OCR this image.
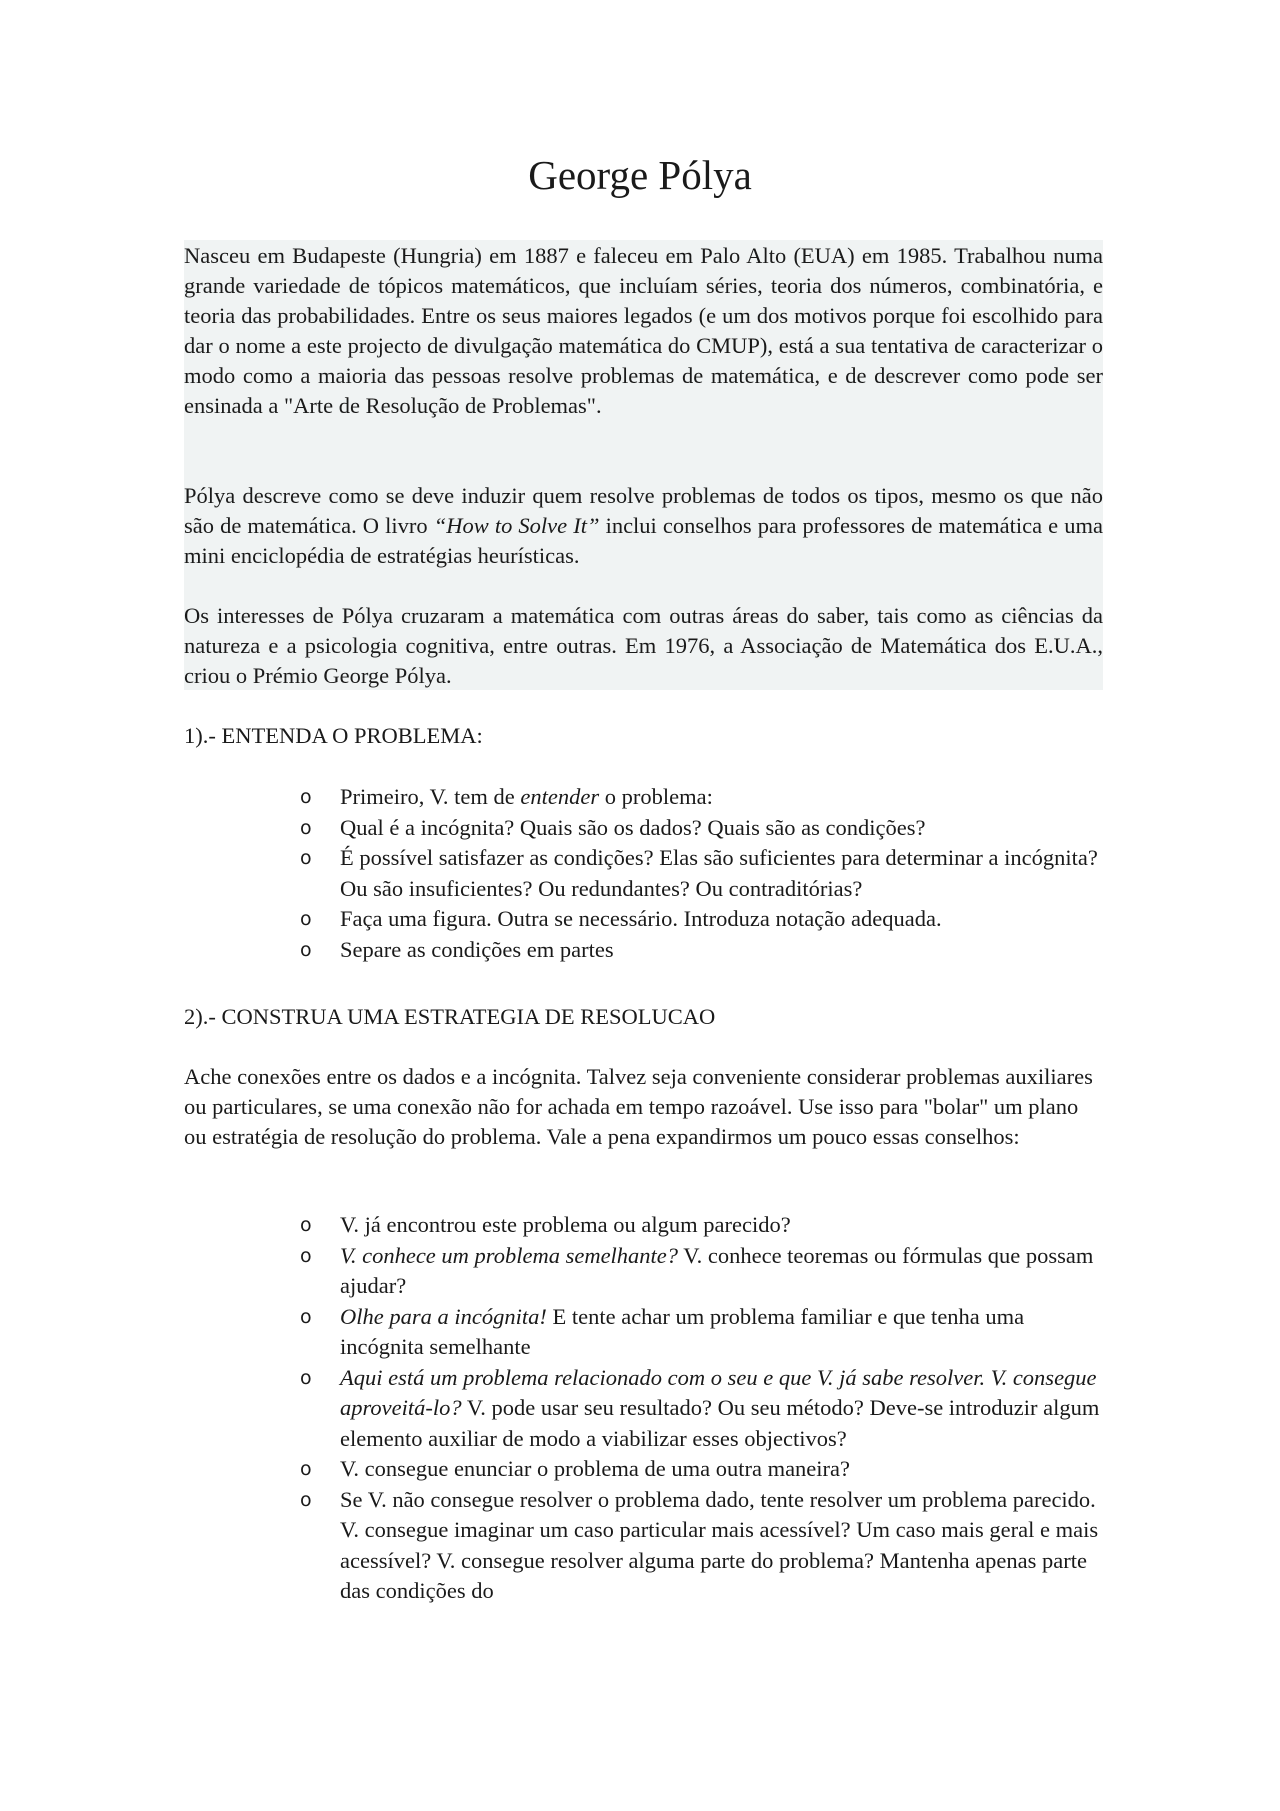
George Pólya

Nasceu em Budapeste (Hungria) em 1887 e faleceu em Palo Alto (EUA) em 1985. Trabalhou numa grande variedade de tópicos matemáticos, que incluíam séries, teoria dos números, combinatória, e teoria das probabilidades. Entre os seus maiores legados (e um dos motivos porque foi escolhido para dar o nome a este projecto de divulgação matemática do CMUP), está a sua tentativa de caracterizar o modo como a maioria das pessoas resolve problemas de matemática, e de descrever como pode ser ensinada a "Arte de Resolução de Problemas".

Pólya descreve como se deve induzir quem resolve problemas de todos os tipos, mesmo os que não são de matemática. O livro “How to Solve It” inclui conselhos para professores de matemática e uma mini enciclopédia de estratégias heurísticas.

Os interesses de Pólya cruzaram a matemática com outras áreas do saber, tais como as ciências da natureza e a psicologia cognitiva, entre outras. Em 1976, a Associação de Matemática dos E.U.A., criou o Prémio George Pólya.

1).- ENTENDA O PROBLEMA:

o Primeiro, V. tem de entender o problema:
o Qual é a incógnita? Quais são os dados? Quais são as condições?
o É possível satisfazer as condições? Elas são suficientes para determinar a incógnita? Ou são insuficientes? Ou redundantes? Ou contraditórias?
o Faça uma figura. Outra se necessário. Introduza notação adequada.
o Separe as condições em partes

2).- CONSTRUA UMA ESTRATEGIA DE RESOLUCAO

Ache conexões entre os dados e a incógnita. Talvez seja conveniente considerar problemas auxiliares ou particulares, se uma conexão não for achada em tempo razoável. Use isso para "bolar" um plano ou estratégia de resolução do problema. Vale a pena expandirmos um pouco essas conselhos:

o V. já encontrou este problema ou algum parecido?
o V. conhece um problema semelhante? V. conhece teoremas ou fórmulas que possam ajudar?
o Olhe para a incógnita! E tente achar um problema familiar e que tenha uma incógnita semelhante
o Aqui está um problema relacionado com o seu e que V. já sabe resolver. V. consegue aproveitá-lo? V. pode usar seu resultado? Ou seu método? Deve-se introduzir algum elemento auxiliar de modo a viabilizar esses objectivos?
o V. consegue enunciar o problema de uma outra maneira?
o Se V. não consegue resolver o problema dado, tente resolver um problema parecido. V. consegue imaginar um caso particular mais acessível? Um caso mais geral e mais acessível? V. consegue resolver alguma parte do problema? Mantenha apenas parte das condições do
